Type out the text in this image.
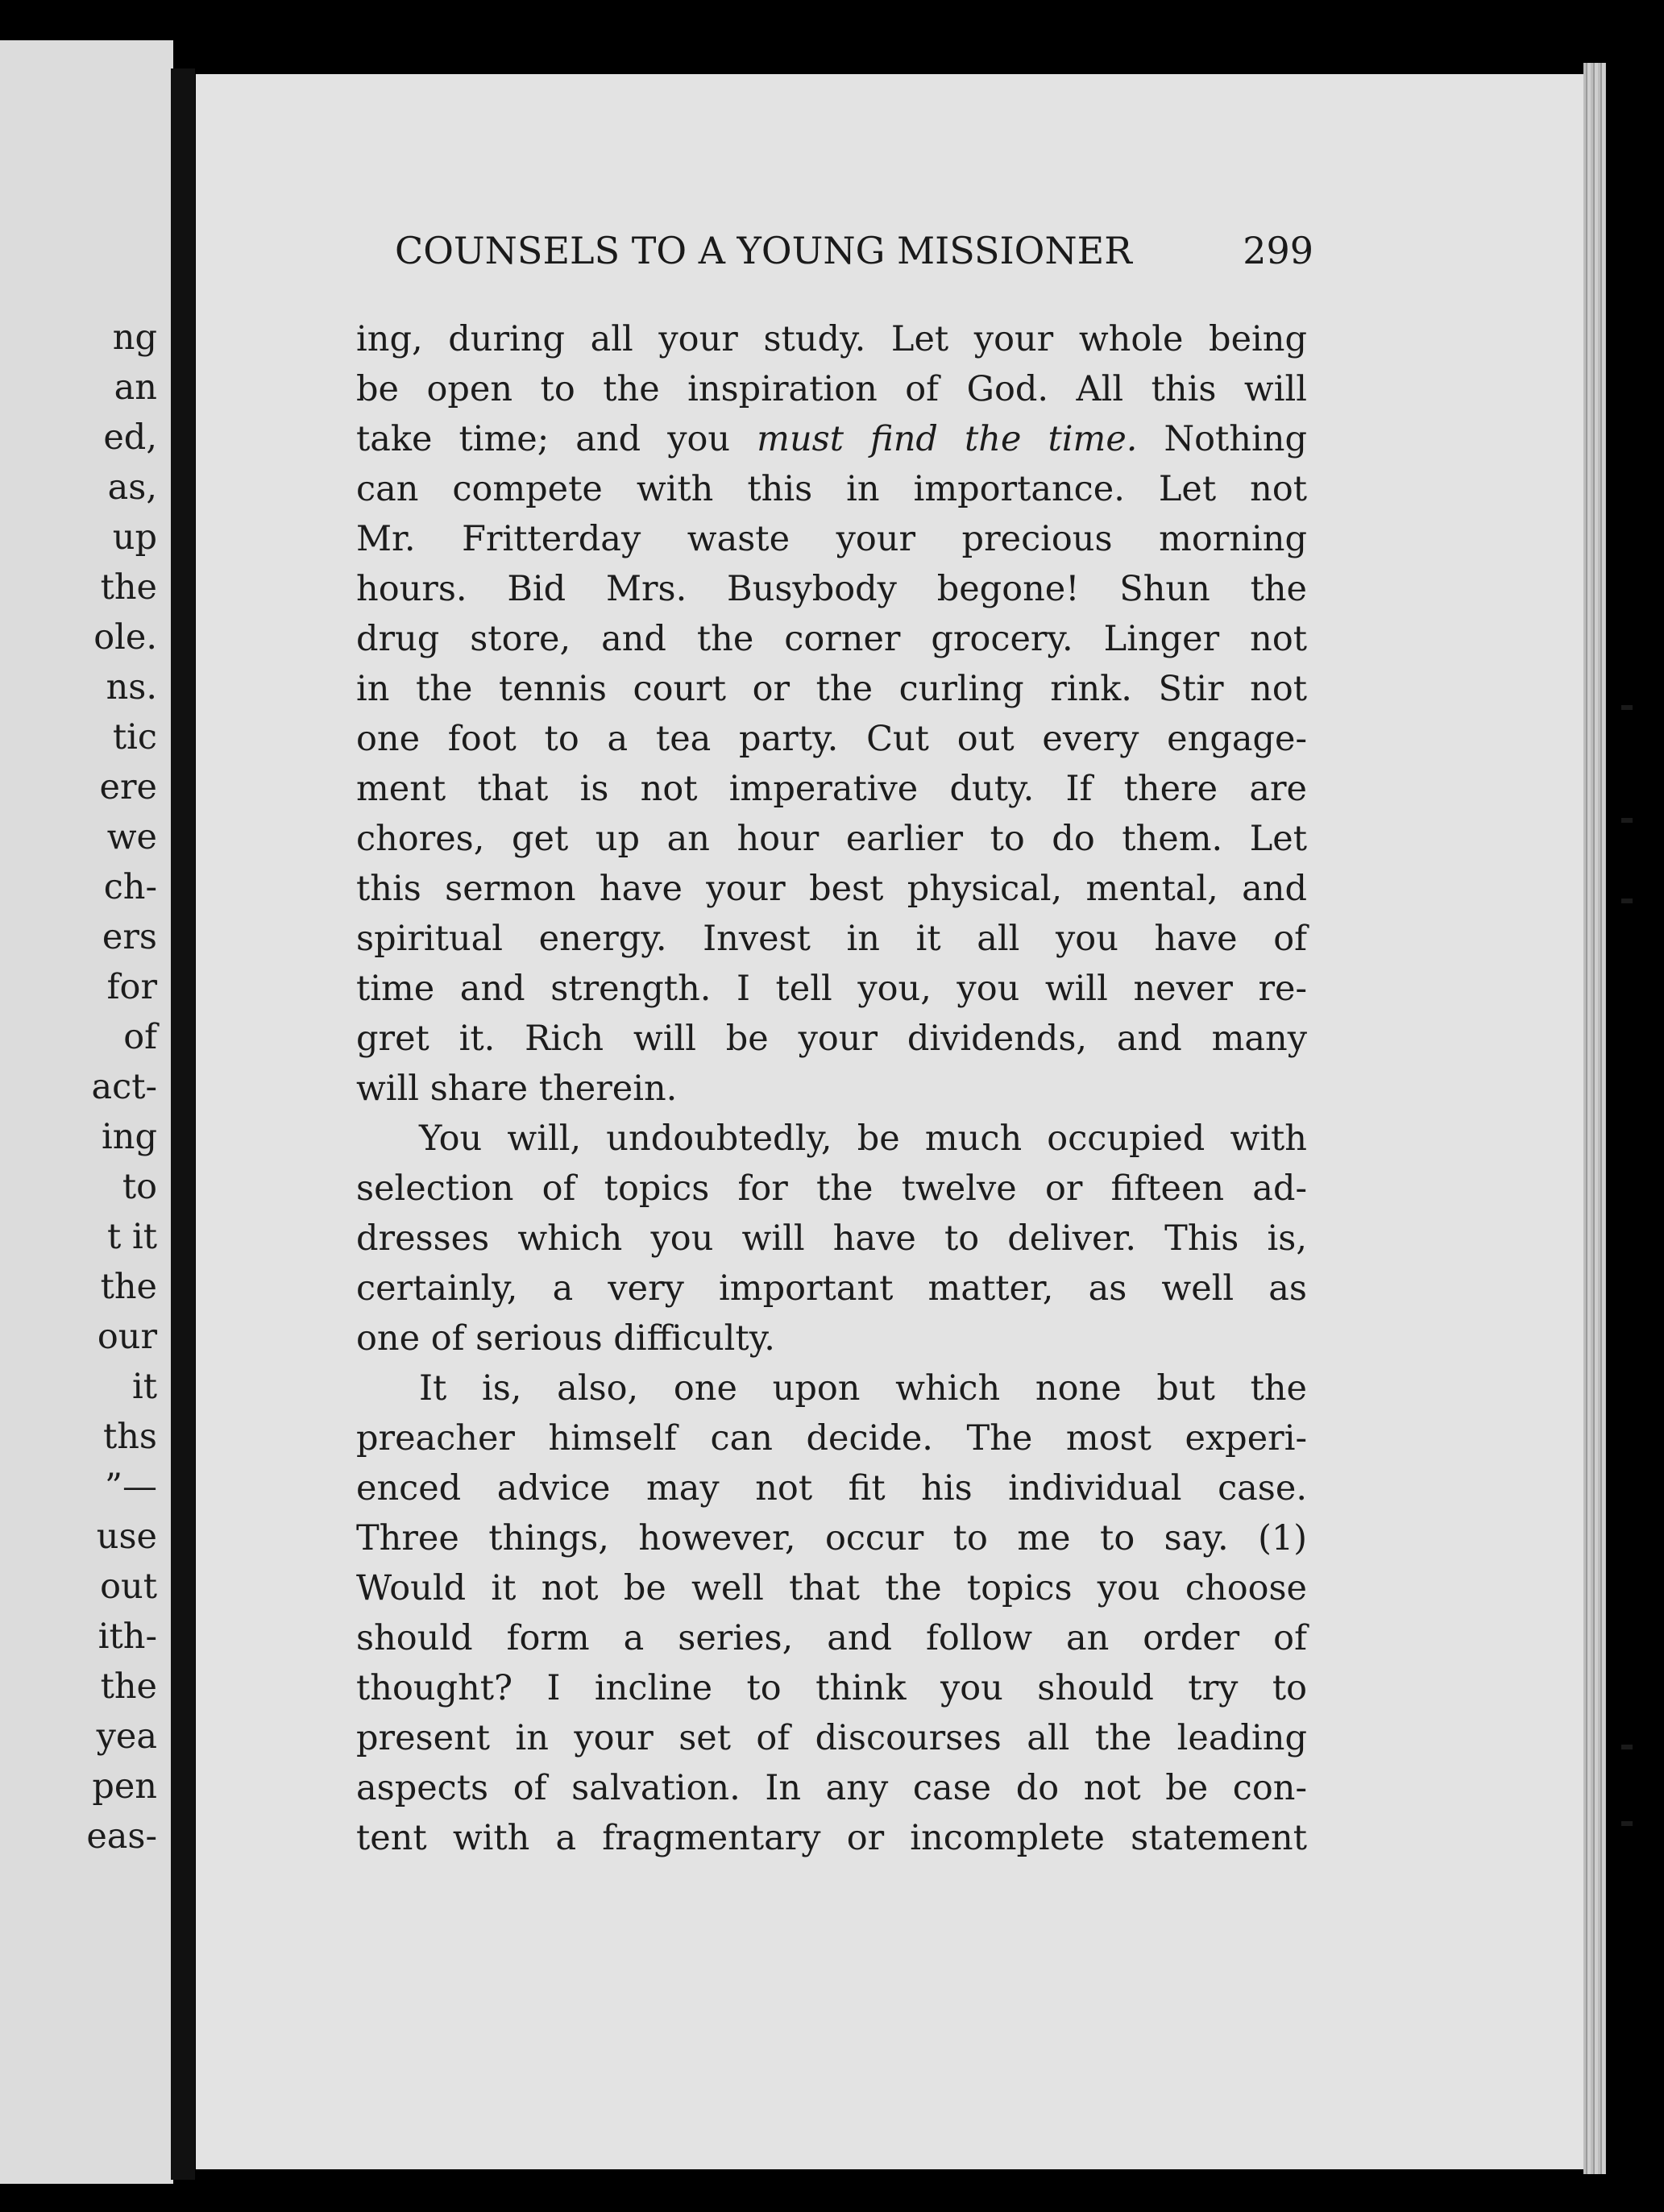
ng
an
ed,
as,
up
the
ole.
ns.
tic
ere
we
ch-
ers
for
of
act-
ing
to
t it
the
our
it
ths
”—
use
out
ith-
the
yea
pen
eas-
COUNSELS TO A YOUNG MISSIONER	299
ing, during all your study. Let your whole being
be open to the inspiration of God. All this will
take time; and you must find the time. Nothing
can compete with this in importance. Let not
Mr. Fritterday waste your precious morning
hours. Bid Mrs. Busybody begone! Shun the
drug store, and the corner grocery. Linger not
in the tennis court or the curling rink. Stir not
one foot to a tea party. Cut out every engage-
ment that is not imperative duty. If there are
chores, get up an hour earlier to do them. Let
this sermon have your best physical, mental, and
spiritual energy. Invest in it all you have of
time and strength. I tell you, you will never re-
gret it. Rich will be your dividends, and many
will share therein.
You will, undoubtedly, be much occupied with
selection of topics for the twelve or fifteen ad-
dresses which you will have to deliver. This is,
certainly, a very important matter, as well as
one of serious difficulty.
It is, also, one upon which none but the
preacher himself can decide. The most experi-
enced advice may not fit his individual case.
Three things, however, occur to me to say. (1)
Would it not be well that the topics you choose
should form a series, and follow an order of
thought? I incline to think you should try to
present in your set of discourses all the leading
aspects of salvation. In any case do not be con-
tent with a fragmentary or incomplete statement
